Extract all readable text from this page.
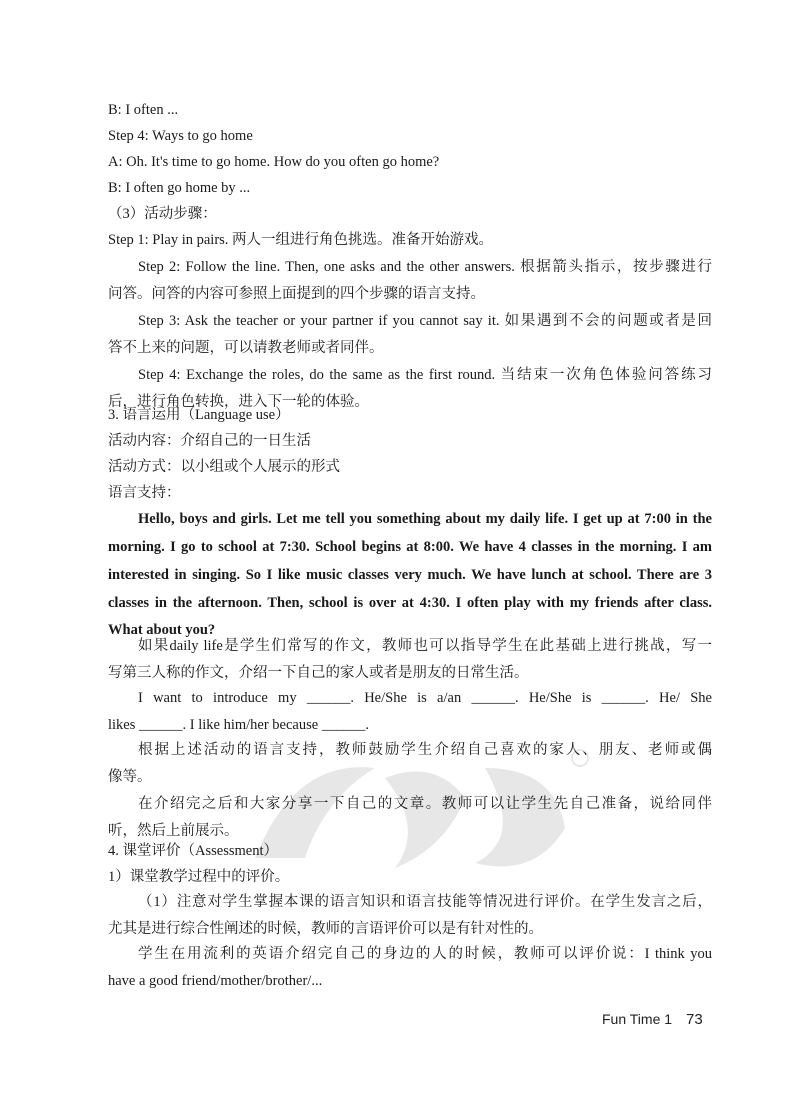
B: I often ...
Step 4: Ways to go home
A: Oh. It's time to go home. How do you often go home?
B: I often go home by ...
（3）活动步骤：
Step 1: Play in pairs. 两人一组进行角色挑选。准备开始游戏。
Step 2: Follow the line. Then, one asks and the other answers. 根据箭头指示，按步骤进行
问答。问答的内容可参照上面提到的四个步骤的语言支持。
Step 3: Ask the teacher or your partner if you cannot say it. 如果遇到不会的问题或者是回
答不上来的问题，可以请教老师或者同伴。
Step 4: Exchange the roles, do the same as the first round. 当结束一次角色体验问答练习
后，进行角色转换，进入下一轮的体验。
3. 语言运用（Language use）
活动内容：介绍自己的一日生活
活动方式：以小组或个人展示的形式
语言支持：
Hello, boys and girls. Let me tell you something about my daily life. I get up at 7:00 in the
morning. I go to school at 7:30. School begins at 8:00. We have 4 classes in the morning. I am
interested in singing. So I like music classes very much. We have lunch at school. There are 3
classes in the afternoon. Then, school is over at 4:30. I often play with my friends after class.
What about you?
如果daily life是学生们常写的作文，教师也可以指导学生在此基础上进行挑战，写一
写第三人称的作文，介绍一下自己的家人或者是朋友的日常生活。
I want to introduce my ______. He/She is a/an ______. He/She is ______. He/ She
likes ______. I like him/her because ______.
根据上述活动的语言支持，教师鼓励学生介绍自己喜欢的家人、朋友、老师或偶
像等。
在介绍完之后和大家分享一下自己的文章。教师可以让学生先自己准备，说给同伴
听，然后上前展示。
4. 课堂评价（Assessment）
1）课堂教学过程中的评价。
（1）注意对学生掌握本课的语言知识和语言技能等情况进行评价。在学生发言之后，
尤其是进行综合性阐述的时候，教师的言语评价可以是有针对性的。
学生在用流利的英语介绍完自己的身边的人的时候，教师可以评价说：I think you
have a good friend/mother/brother/...
Fun Time 1 73
